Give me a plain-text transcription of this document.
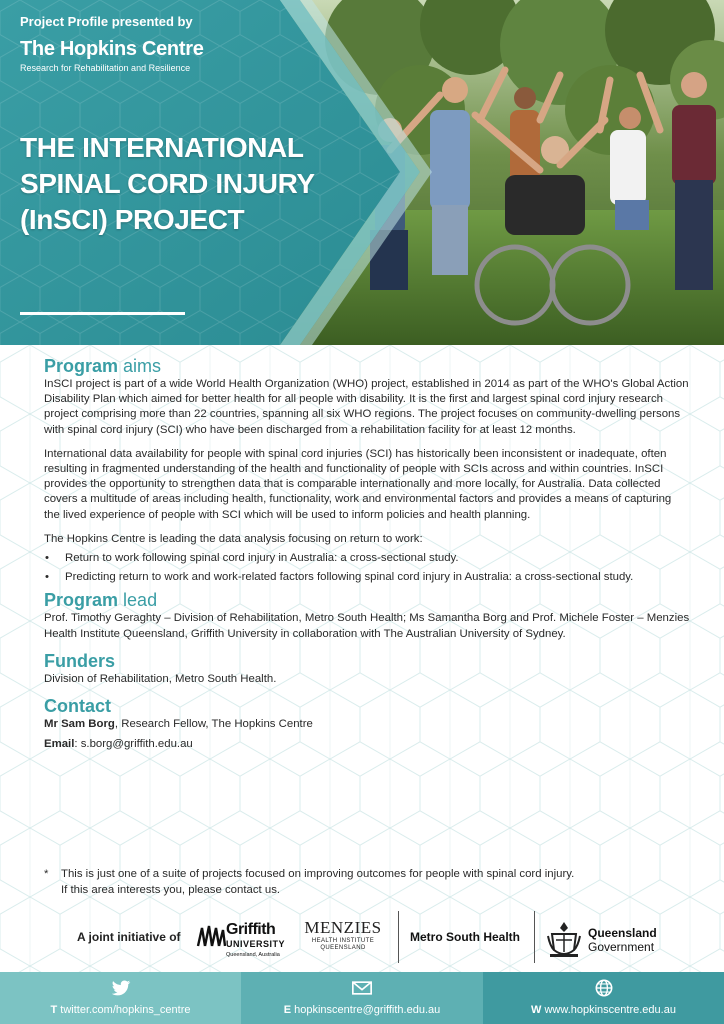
Project Profile presented by
The Hopkins Centre
Research for Rehabilitation and Resilience
THE INTERNATIONAL
SPINAL CORD INJURY
(InSCI) PROJECT
Program aims

InSCI project is part of a wide World Health Organization (WHO) project, established in 2014 as part of the WHO's Global Action Disability Plan which aimed for better health for all people with disability. It is the first and largest spinal cord injury research project comprising more than 22 countries, spanning all six WHO regions. The project focuses on community-dwelling persons with spinal cord injury (SCI) who have been discharged from a rehabilitation facility for at least 12 months.

International data availability for people with spinal cord injuries (SCI) has historically been inconsistent or inadequate, often resulting in fragmented understanding of the health and functionality of people with SCIs across and within countries. InSCI provides the opportunity to strengthen data that is comparable internationally and more locally, for Australia. Data collected covers a multitude of areas including health, functionality, work and environmental factors and provides a means of capturing the lived experience of people with SCI which will be used to inform policies and health planning.

The Hopkins Centre is leading the data analysis focusing on return to work:

• Return to work following spinal cord injury in Australia: a cross-sectional study.
• Predicting return to work and work-related factors following spinal cord injury in Australia: a cross-sectional study.
Program lead

Prof. Timothy Geraghty – Division of Rehabilitation, Metro South Health; Ms Samantha Borg and Prof. Michele Foster – Menzies Health Institute Queensland, Griffith University in collaboration with The Australian University of Sydney.

Funders

Division of Rehabilitation, Metro South Health.

Contact

Mr Sam Borg, Research Fellow, The Hopkins Centre

Email: s.borg@griffith.edu.au

*	This is just one of a suite of projects focused on improving outcomes for people with spinal cord injury.
If this area interests you, please contact us.
A joint initiative of	Griffith
UNIVERSITY
Queensland, Australia
MENZIES
HEALTH INSTITUTE
QUEENSLAND
Metro South Health	Queensland
Government
T twitter.com/hopkins_centre	E hopkinscentre@griffith.edu.au	W www.hopkinscentre.edu.au
